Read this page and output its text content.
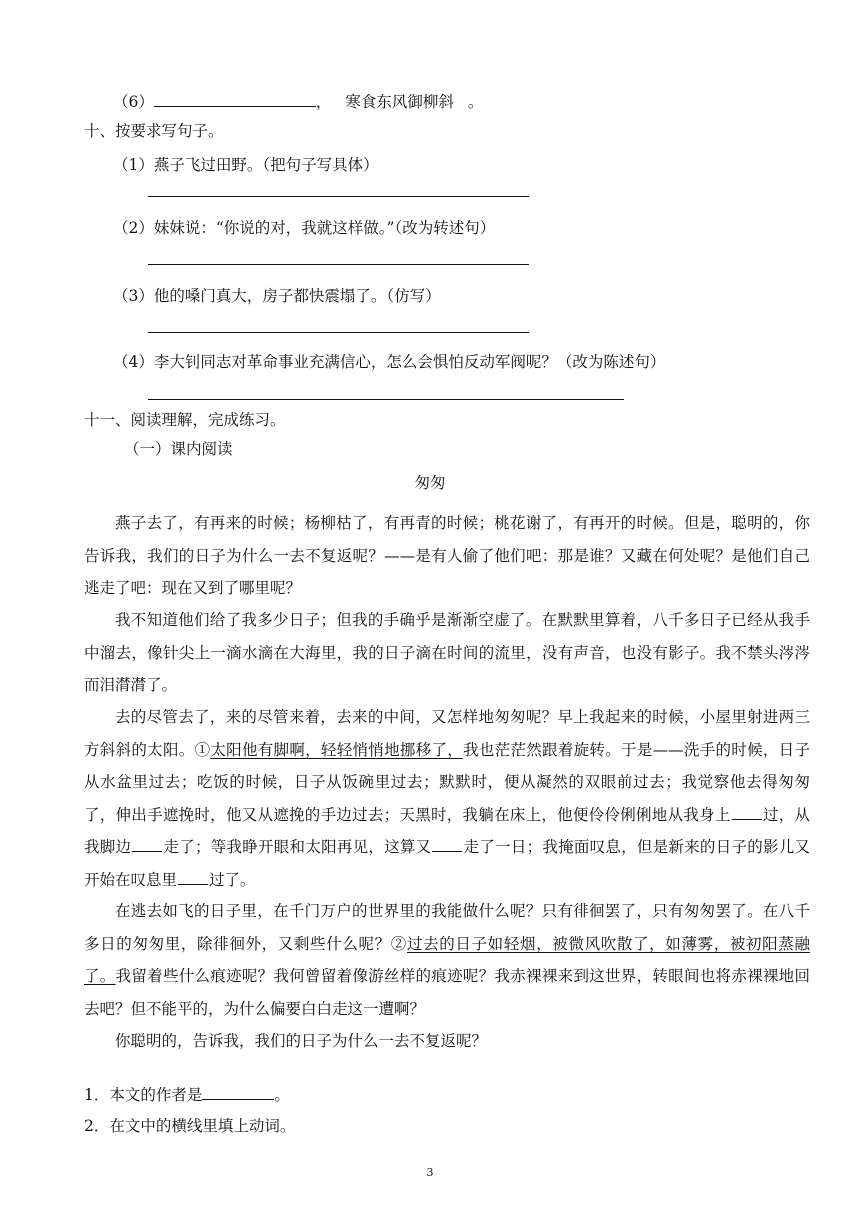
（6）	， 寒食东风御柳斜 。
十、按要求写句子。
（1）燕子飞过田野。（把句子写具体）
（2）妹妹说：“你说的对，我就这样做。”（改为转述句）
（3）他的嗓门真大，房子都快震塌了。（仿写）
（4）李大钊同志对革命事业充满信心，怎么会惧怕反动军阀呢？（改为陈述句）
十一、阅读理解，完成练习。
（一）课内阅读
匆匆

燕子去了，有再来的时候；杨柳枯了，有再青的时候；桃花谢了，有再开的时候。但是，聪明的，你告诉我，我们的日子为什么一去不复返呢？——是有人偷了他们吧：那是谁？又藏在何处呢？是他们自己逃走了吧：现在又到了哪里呢？

我不知道他们给了我多少日子；但我的手确乎是渐渐空虚了。在默默里算着，八千多日子已经从我手中溜去，像针尖上一滴水滴在大海里，我的日子滴在时间的流里，没有声音，也没有影子。我不禁头涔涔而泪潸潸了。

去的尽管去了，来的尽管来着，去来的中间，又怎样地匆匆呢？早上我起来的时候，小屋里射进两三方斜斜的太阳。①太阳他有脚啊，轻轻悄悄地挪移了，我也茫茫然跟着旋转。于是——洗手的时候，日子从水盆里过去；吃饭的时候，日子从饭碗里过去；默默时，便从凝然的双眼前过去；我觉察他去得匆匆了，伸出手遮挽时，他又从遮挽的手边过去；天黑时，我躺在床上，他便伶伶俐俐地从我身上 过，从我脚边 走了；等我睁开眼和太阳再见，这算又 走了一日；我掩面叹息，但是新来的日子的影儿又开始在叹息里 过了。

在逃去如飞的日子里，在千门万户的世界里的我能做什么呢？只有徘徊罢了，只有匆匆罢了。在八千多日的匆匆里，除徘徊外，又剩些什么呢？②过去的日子如轻烟，被微风吹散了，如薄雾，被初阳蒸融了。我留着些什么痕迹呢？我何曾留着像游丝样的痕迹呢？我赤裸裸来到这世界，转眼间也将赤裸裸地回去吧？但不能平的，为什么偏要白白走这一遭啊？

你聪明的，告诉我，我们的日子为什么一去不复返呢？

1．本文的作者是	。
2．在文中的横线里填上动词。
3
